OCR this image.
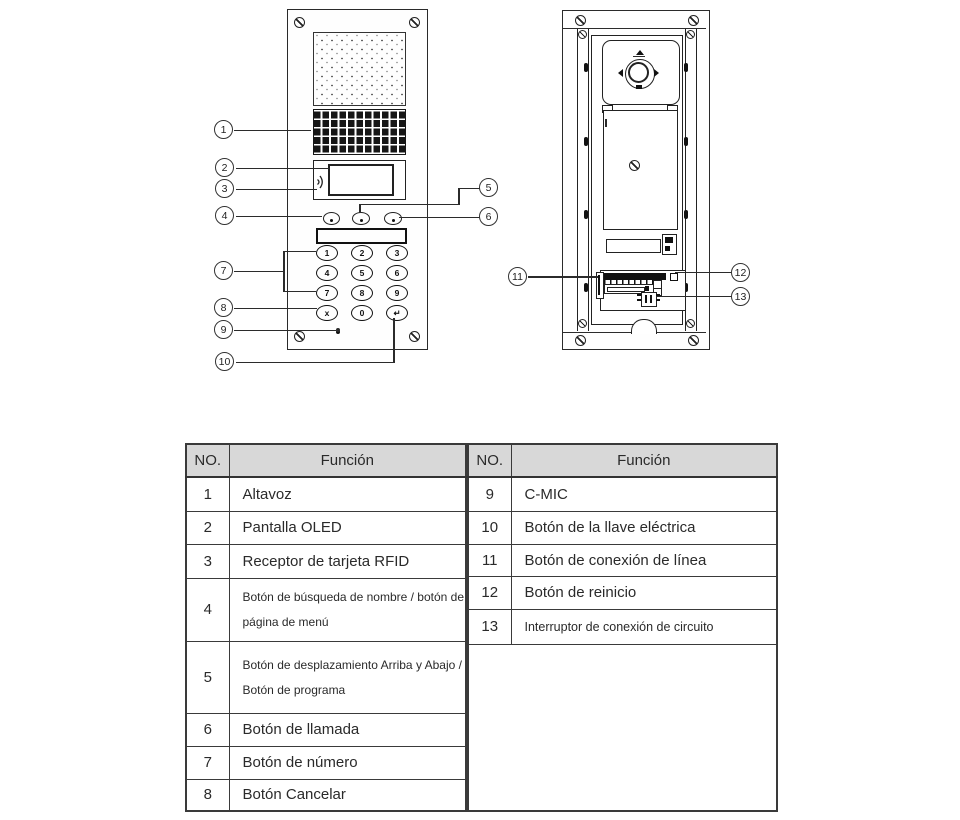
1	2	3
4	5	6
7	8	9
x	0	↵
1
2
3
4
5
6
7
8
9
10
11	12
13
NO.	Función
1	Altavoz
2	Pantalla OLED
3	Receptor de tarjeta RFID
4	Botón de búsqueda de nombre / botón de página de menú
5	Botón de desplazamiento Arriba y Abajo / Botón de programa
6	Botón de llamada
7	Botón de número
8	Botón Cancelar
NO.	Función
9	C-MIC
10	Botón de la llave eléctrica
11	Botón de conexión de línea
12	Botón de reinicio
13	Interruptor de conexión de circuito
